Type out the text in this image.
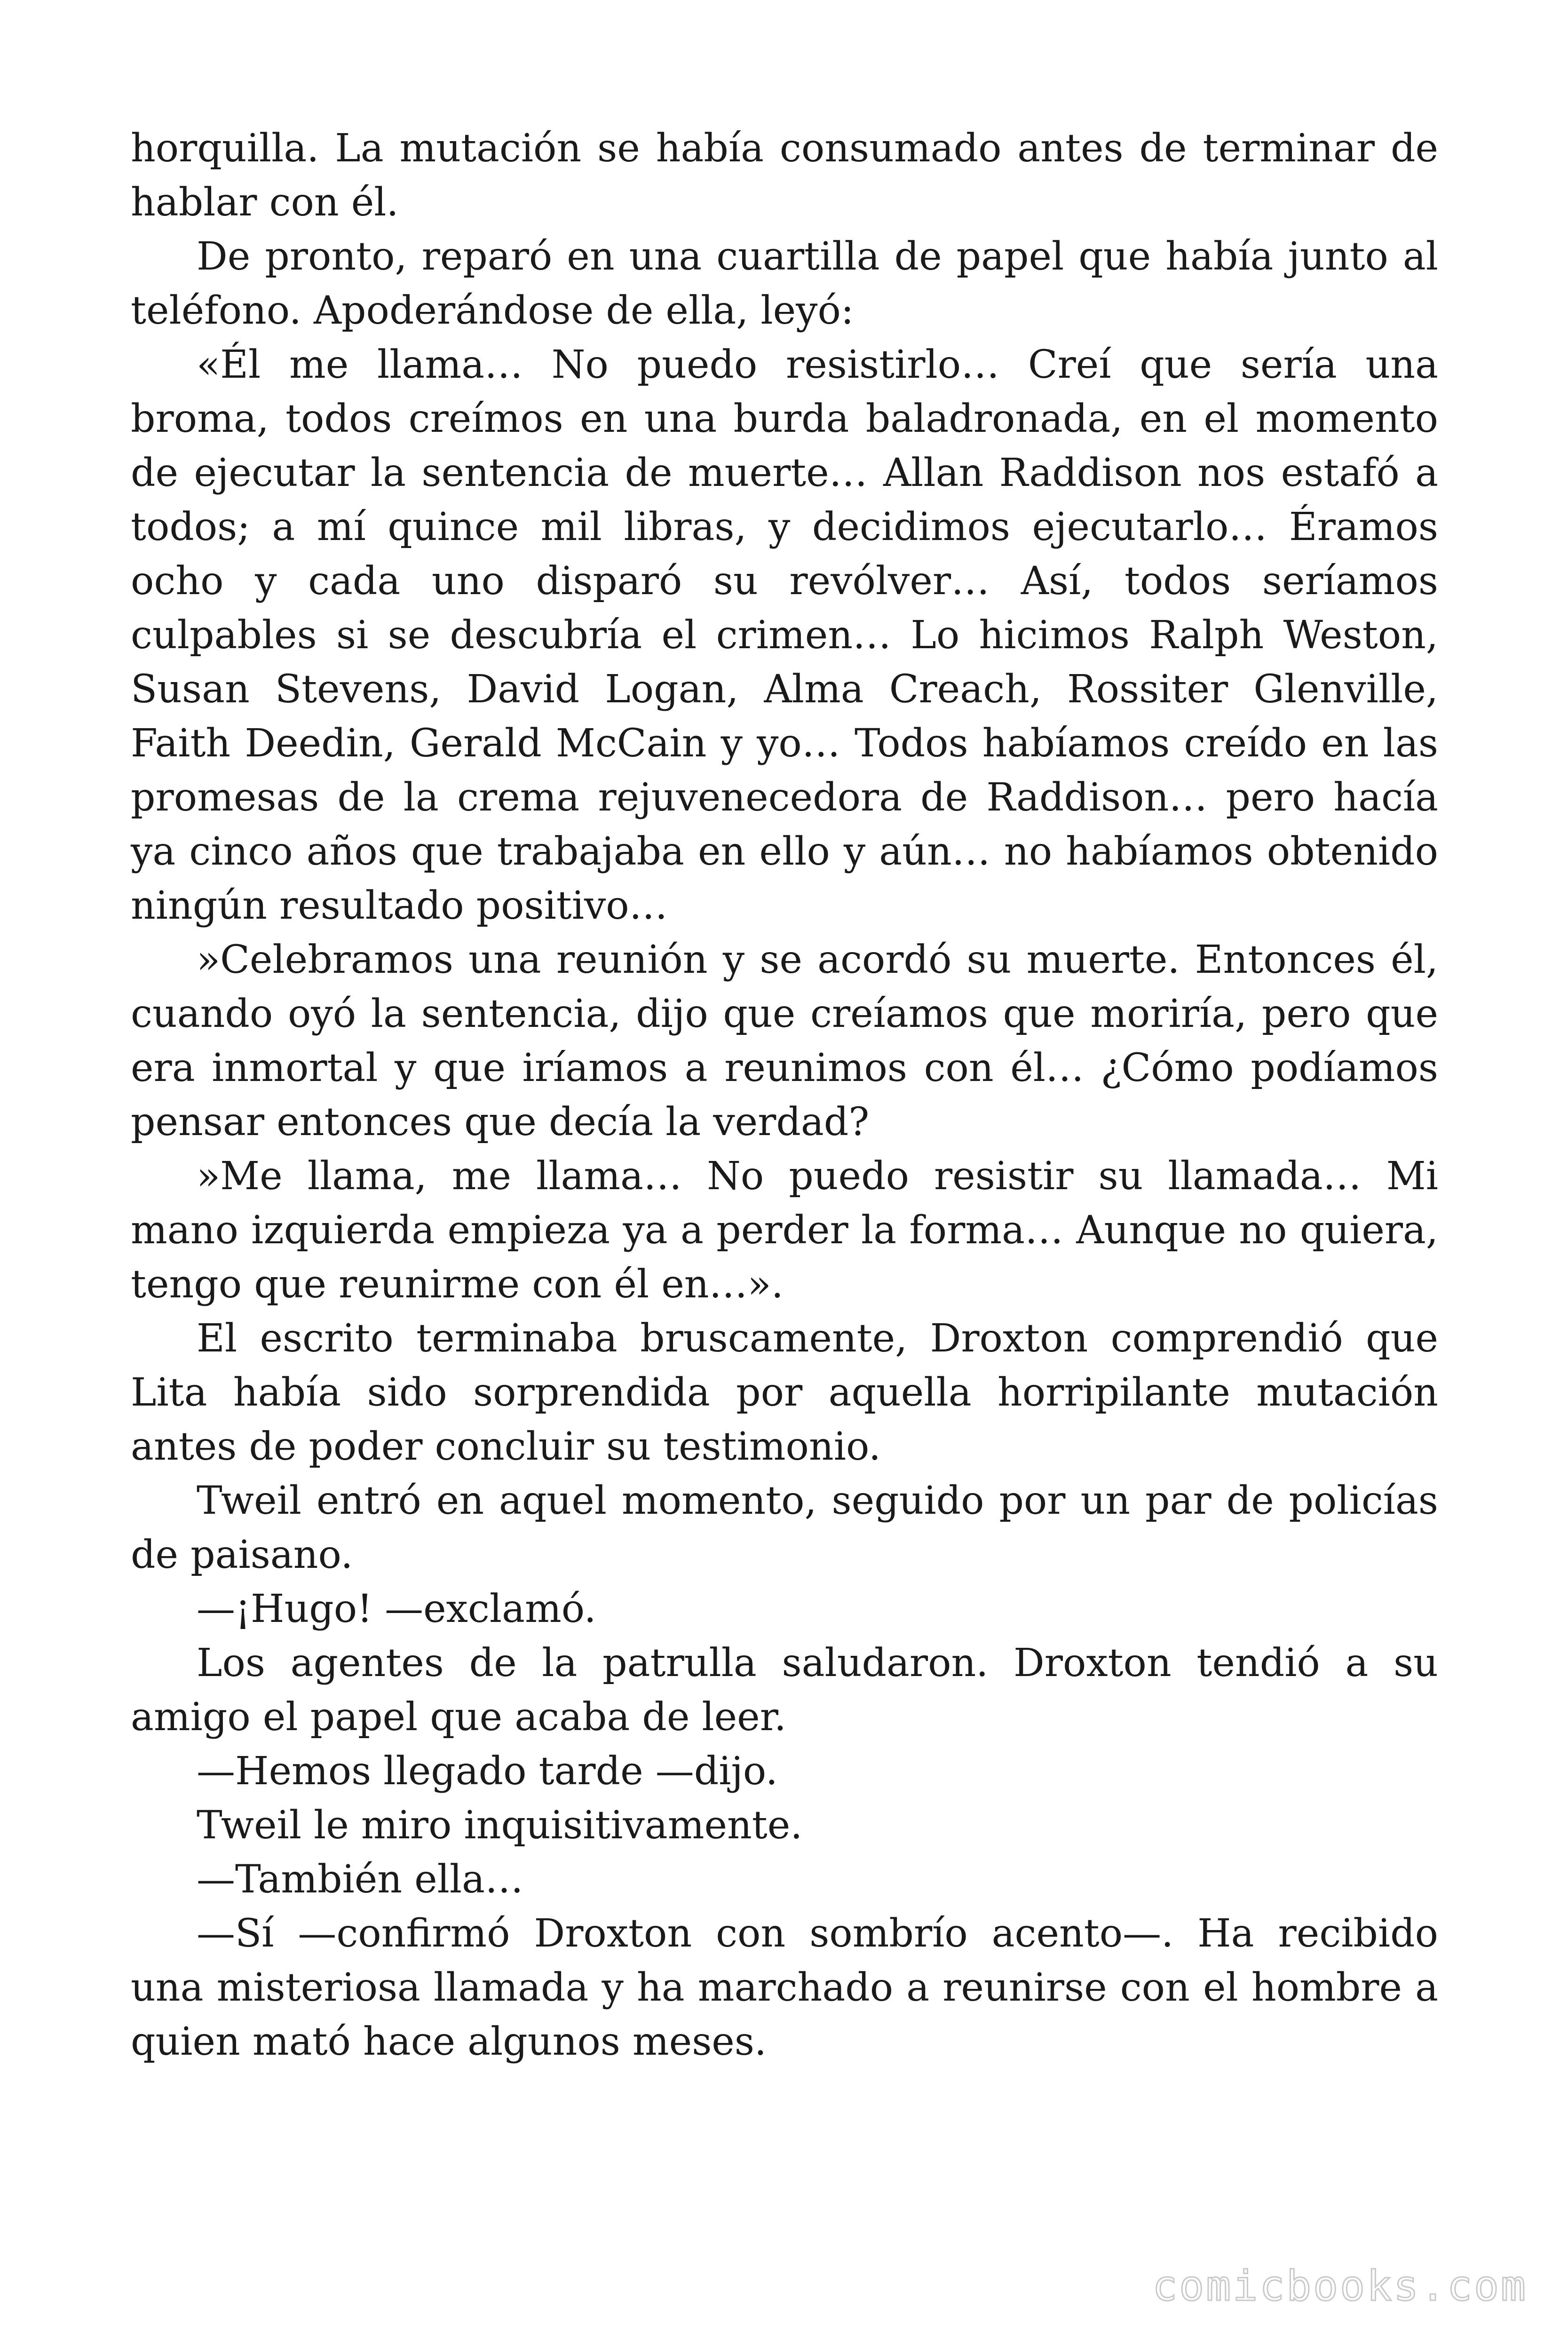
horquilla. La mutación se había consumado antes de terminar de hablar con él.

De pronto, reparó en una cuartilla de papel que había junto al teléfono. Apoderándose de ella, leyó:

«Él me llama… No puedo resistirlo… Creí que sería una broma, todos creímos en una burda baladronada, en el momento de ejecutar la sentencia de muerte… Allan Raddison nos estafó a todos; a mí quince mil libras, y decidimos ejecutarlo… Éramos ocho y cada uno disparó su revólver… Así, todos seríamos culpables si se descubría el crimen… Lo hicimos Ralph Weston, Susan Stevens, David Logan, Alma Creach, Rossiter Glenville, Faith Deedin, Gerald McCain y yo… Todos habíamos creído en las promesas de la crema rejuvenecedora de Raddison… pero hacía ya cinco años que trabajaba en ello y aún… no habíamos obtenido ningún resultado positivo…

»Celebramos una reunión y se acordó su muerte. Entonces él, cuando oyó la sentencia, dijo que creíamos que moriría, pero que era inmortal y que iríamos a reunimos con él… ¿Cómo podíamos pensar entonces que decía la verdad?

»Me llama, me llama… No puedo resistir su llamada… Mi mano izquierda empieza ya a perder la forma… Aunque no quiera, tengo que reunirme con él en…».

El escrito terminaba bruscamente, Droxton comprendió que Lita había sido sorprendida por aquella horripilante mutación antes de poder concluir su testimonio.

Tweil entró en aquel momento, seguido por un par de policías de paisano.

—¡Hugo! —exclamó.

Los agentes de la patrulla saludaron. Droxton tendió a su amigo el papel que acaba de leer.

—Hemos llegado tarde —dijo.

Tweil le miro inquisitivamente.

—También ella…

—Sí —confirmó Droxton con sombrío acento—. Ha recibido una misteriosa llamada y ha marchado a reunirse con el hombre a quien mató hace algunos meses.

comicbooks.com
